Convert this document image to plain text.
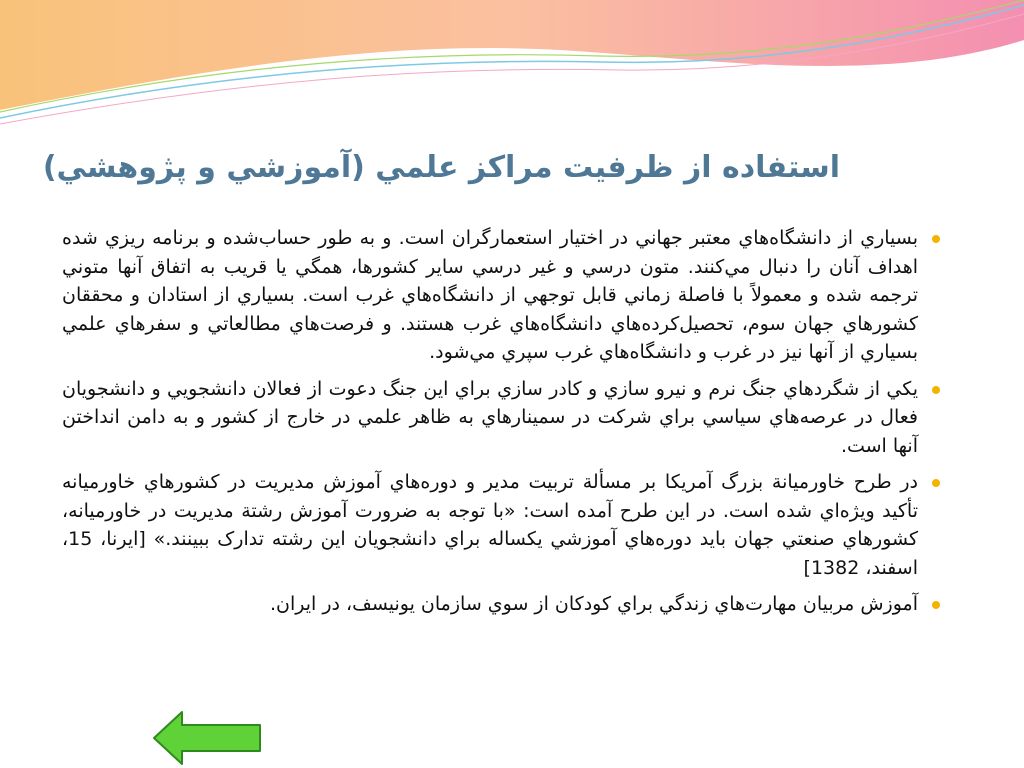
استفاده از ظرفيت مراکز علمي (آموزشي و پژوهشي)
بسياري از دانشگاه‌هاي معتبر جهاني در اختيار استعمارگران است. و به طور حساب‌شده و برنامه ريزي شده اهداف آنان را دنبال مي‌کنند. متون درسي و غير درسي ساير کشورها، همگي يا قريب به اتفاق آنها متوني ترجمه شده و معمولاً با فاصلة زماني قابل توجهي از دانشگاه‌هاي غرب است. بسياري از استادان و محققان کشورهاي جهان سوم، تحصيل‌کرده‌هاي دانشگاه‌هاي غرب هستند. و فرصت‌هاي مطالعاتي و سفرهاي علمي بسياري از آنها نيز در غرب و دانشگاه‌هاي غرب سپري مي‌شود.
يکي از شگردهاي جنگ نرم و نيرو سازي و کادر سازي براي اين جنگ دعوت از فعالان دانشجويي و دانشجويان فعال در عرصه‌هاي سياسي براي شرکت در سمينارهاي به ظاهر علمي در خارج از کشور و به دامن انداختن آنها است.
در طرح خاورميانة بزرگ آمريکا بر مسألة تربيت مدير و دوره‌هاي آموزش مديريت در کشورهاي خاورميانه تأکيد ويژه‌اي شده است. در اين طرح آمده است: «با توجه به ضرورت آموزش رشتة مديريت در خاورميانه، کشورهاي صنعتي جهان بايد دوره‌هاي آموزشي يکساله براي دانشجويان اين رشته تدارک ببينند.» [ايرنا، 15، اسفند، 1382]
آموزش مربيان مهارت‌هاي زندگي براي کودکان از سوي سازمان يونيسف، در ايران.
